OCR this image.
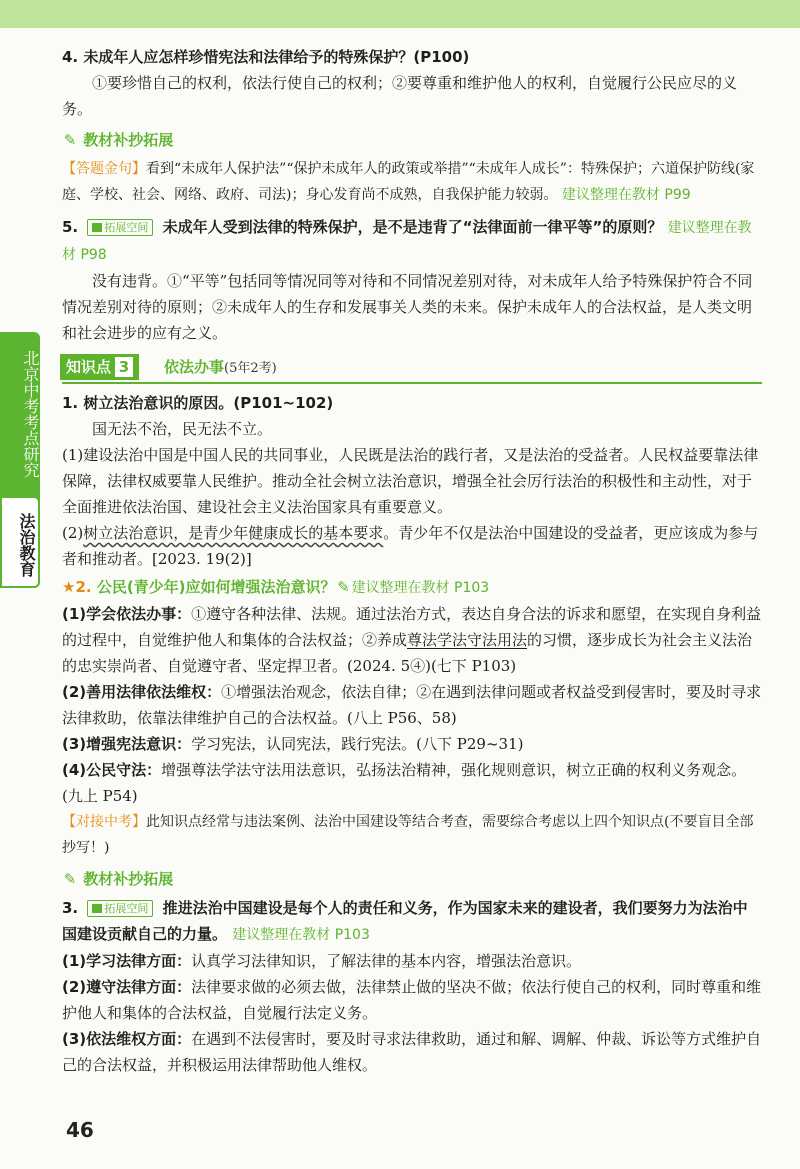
北京中考考点研究
法治教育

4. 未成年人应怎样珍惜宪法和法律给予的特殊保护？(P100)

①要珍惜自己的权利，依法行使自己的权利；②要尊重和维护他人的权利，自觉履行公民应尽的义务。

✎ 教材补抄拓展

【答题金句】看到“未成年人保护法”“保护未成年人的政策或举措”“未成年人成长”：特殊保护；六道保护防线(家庭、学校、社会、网络、政府、司法)；身心发育尚不成熟，自我保护能力较弱。 建议整理在教材 P99

5. 拓展空间 未成年人受到法律的特殊保护，是不是违背了“法律面前一律平等”的原则？ 建议整理在教材 P98

没有违背。①“平等”包括同等情况同等对待和不同情况差别对待，对未成年人给予特殊保护符合不同情况差别对待的原则；②未成年人的生存和发展事关人类的未来。保护未成年人的合法权益，是人类文明和社会进步的应有之义。

知识点 3	依法办事(5年2考)

1. 树立法治意识的原因。(P101~102)

国无法不治，民无法不立。

(1)建设法治中国是中国人民的共同事业，人民既是法治的践行者，又是法治的受益者。人民权益要靠法律保障，法律权威要靠人民维护。推动全社会树立法治意识，增强全社会厉行法治的积极性和主动性，对于全面推进依法治国、建设社会主义法治国家具有重要意义。

(2)树立法治意识，是青少年健康成长的基本要求。青少年不仅是法治中国建设的受益者，更应该成为参与者和推动者。[2023. 19(2)]

★2. 公民(青少年)应如何增强法治意识？ ✎ 建议整理在教材 P103

(1)学会依法办事：①遵守各种法律、法规。通过法治方式，表达自身合法的诉求和愿望，在实现自身利益的过程中，自觉维护他人和集体的合法权益；②养成尊法学法守法用法的习惯，逐步成长为社会主义法治的忠实崇尚者、自觉遵守者、坚定捍卫者。(2024. 5④)(七下 P103)

(2)善用法律依法维权：①增强法治观念，依法自律；②在遇到法律问题或者权益受到侵害时，要及时寻求法律救助，依靠法律维护自己的合法权益。(八上 P56、58)

(3)增强宪法意识：学习宪法，认同宪法，践行宪法。(八下 P29~31)

(4)公民守法：增强尊法学法守法用法意识，弘扬法治精神，强化规则意识，树立正确的权利义务观念。(九上 P54)

【对接中考】此知识点经常与违法案例、法治中国建设等结合考查，需要综合考虑以上四个知识点(不要盲目全部抄写！)

✎ 教材补抄拓展

3. 拓展空间 推进法治中国建设是每个人的责任和义务，作为国家未来的建设者，我们要努力为法治中国建设贡献自己的力量。 建议整理在教材 P103

(1)学习法律方面：认真学习法律知识，了解法律的基本内容，增强法治意识。

(2)遵守法律方面：法律要求做的必须去做，法律禁止做的坚决不做；依法行使自己的权利，同时尊重和维护他人和集体的合法权益，自觉履行法定义务。

(3)依法维权方面：在遇到不法侵害时，要及时寻求法律救助，通过和解、调解、仲裁、诉讼等方式维护自己的合法权益，并积极运用法律帮助他人维权。

46
